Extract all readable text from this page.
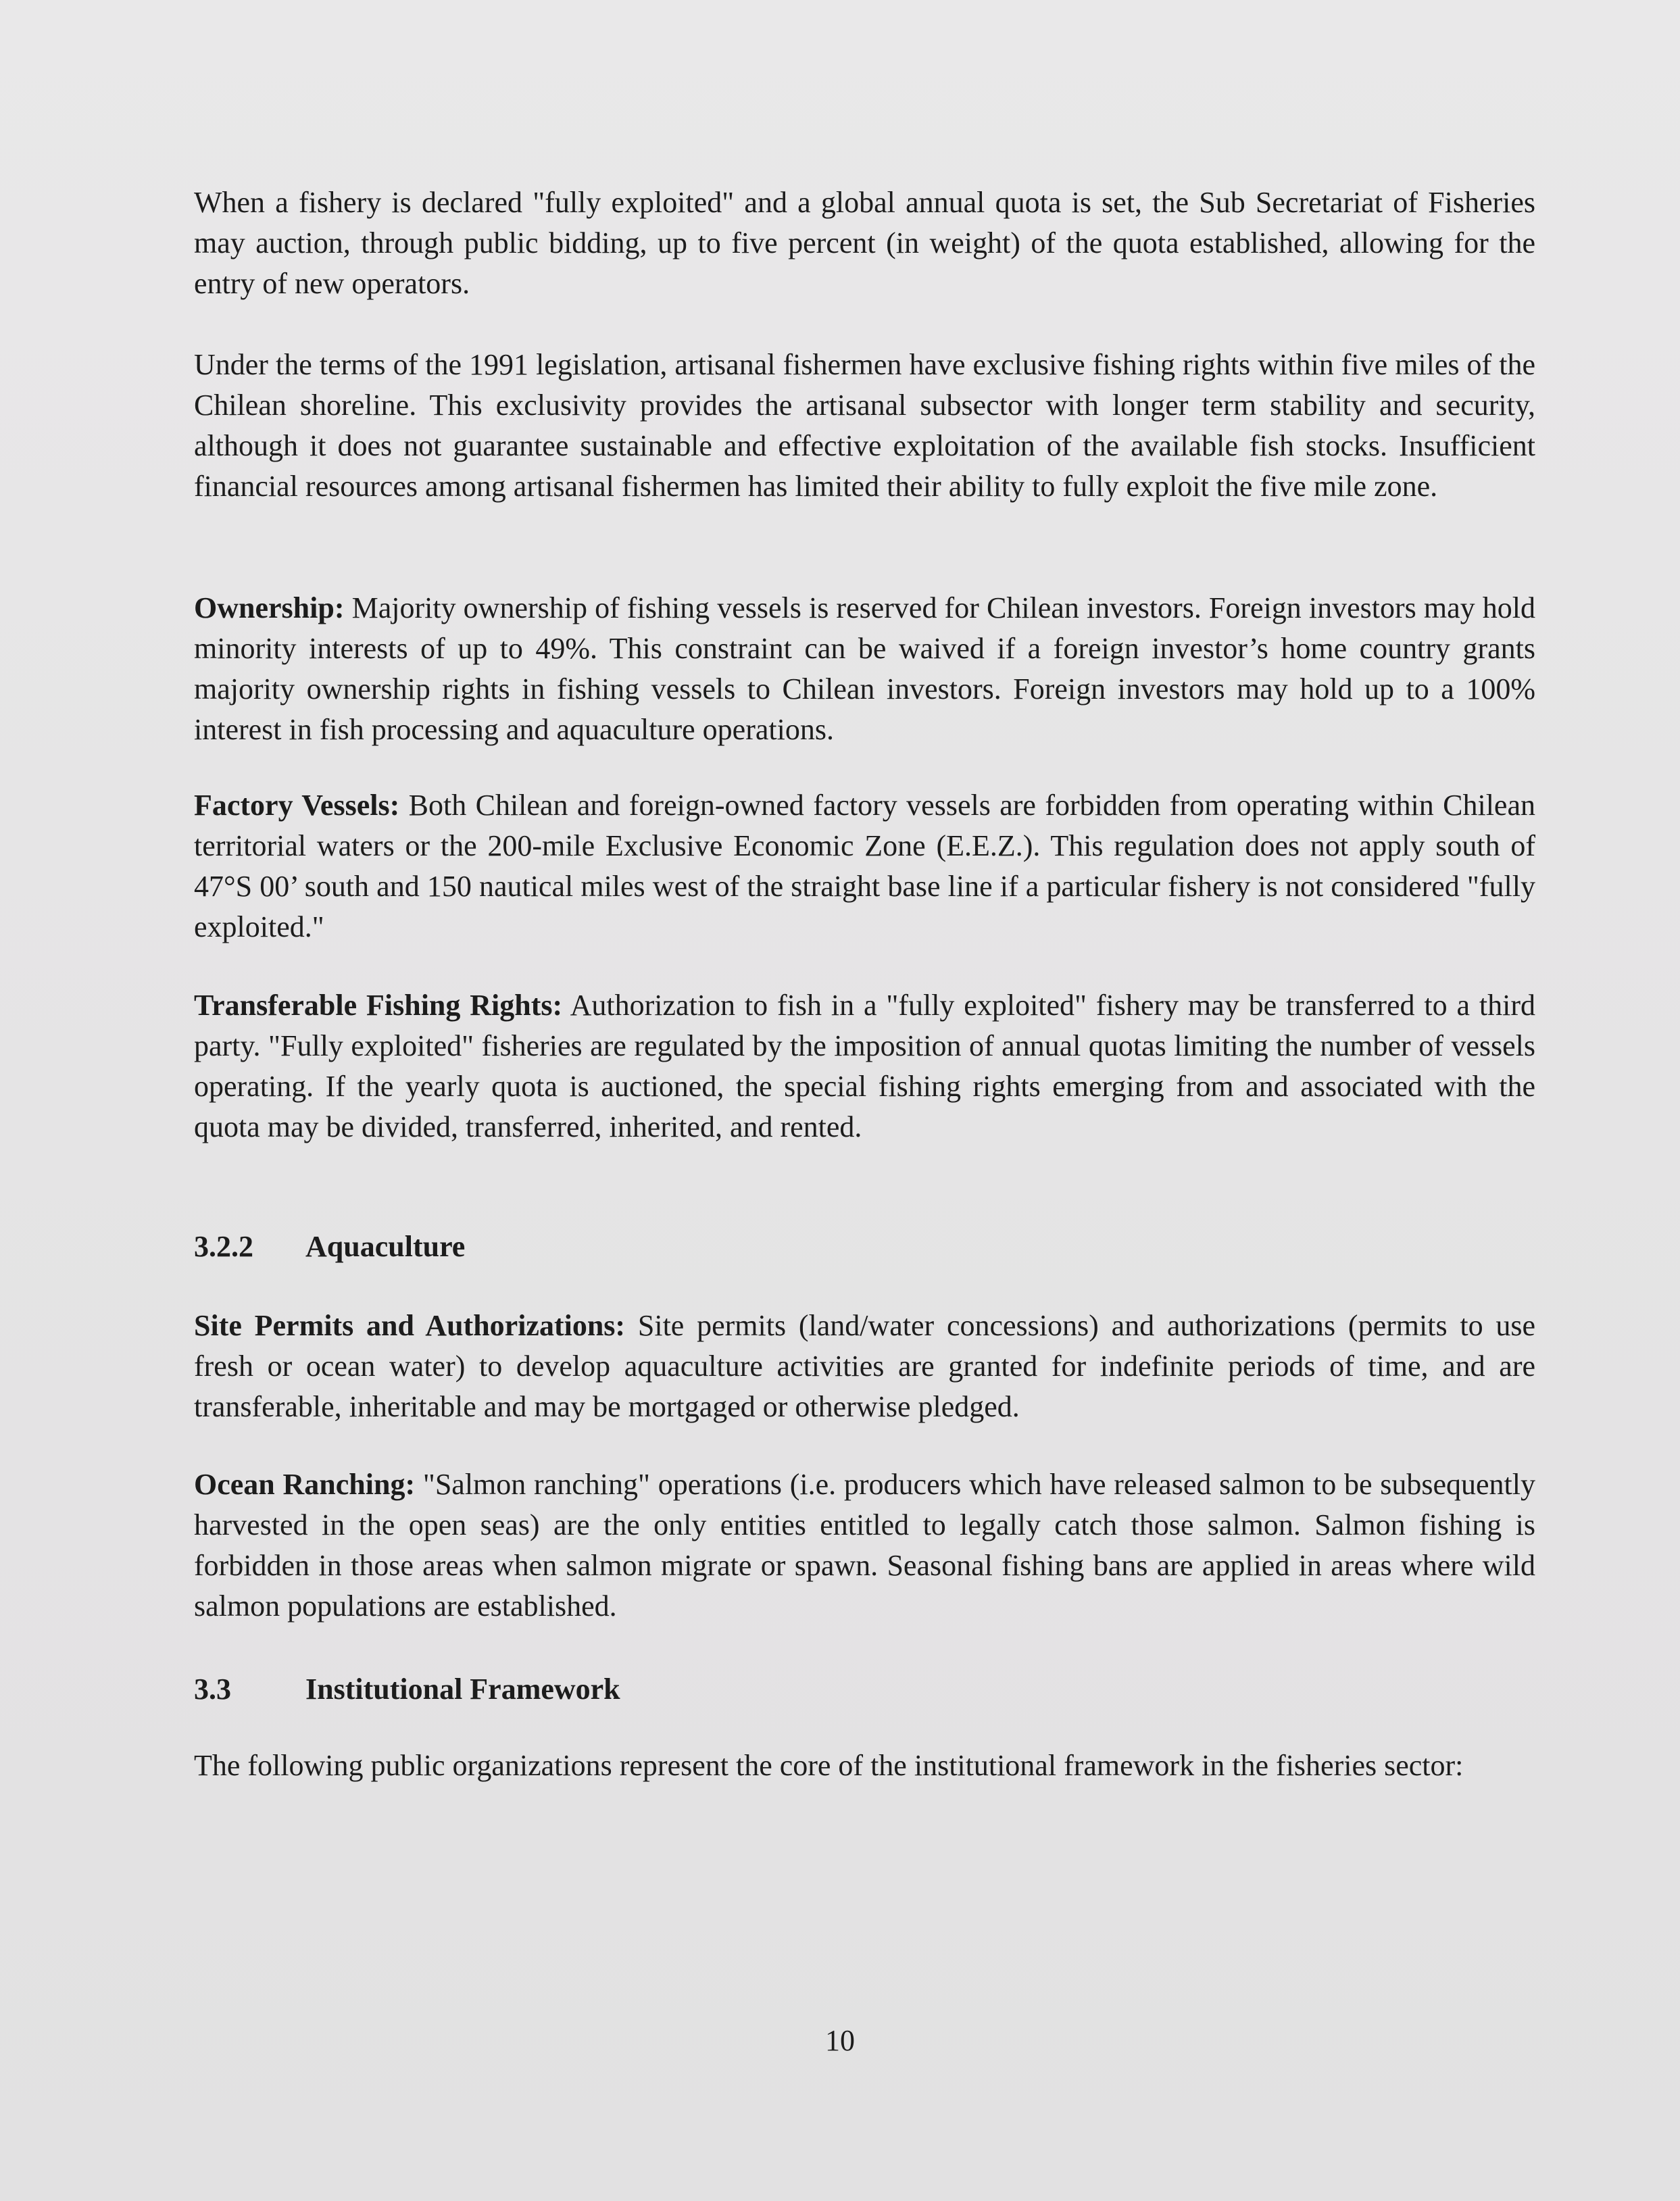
When a fishery is declared "fully exploited" and a global annual quota is set, the Sub Secretariat of Fisheries may auction, through public bidding, up to five percent (in weight) of the quota established, allowing for the entry of new operators.

Under the terms of the 1991 legislation, artisanal fishermen have exclusive fishing rights within five miles of the Chilean shoreline. This exclusivity provides the artisanal subsector with longer term stability and security, although it does not guarantee sustainable and effective exploitation of the available fish stocks. Insufficient financial resources among artisanal fishermen has limited their ability to fully exploit the five mile zone.

Ownership: Majority ownership of fishing vessels is reserved for Chilean investors. Foreign investors may hold minority interests of up to 49%. This constraint can be waived if a foreign investor’s home country grants majority ownership rights in fishing vessels to Chilean investors. Foreign investors may hold up to a 100% interest in fish processing and aquaculture operations.

Factory Vessels: Both Chilean and foreign-owned factory vessels are forbidden from operating within Chilean territorial waters or the 200-mile Exclusive Economic Zone (E.E.Z.). This regulation does not apply south of 47°S 00’ south and 150 nautical miles west of the straight base line if a particular fishery is not considered "fully exploited."

Transferable Fishing Rights: Authorization to fish in a "fully exploited" fishery may be transferred to a third party. "Fully exploited" fisheries are regulated by the imposition of annual quotas limiting the number of vessels operating. If the yearly quota is auctioned, the special fishing rights emerging from and associated with the quota may be divided, transferred, inherited, and rented.

3.2.2 Aquaculture

Site Permits and Authorizations: Site permits (land/water concessions) and authorizations (permits to use fresh or ocean water) to develop aquaculture activities are granted for indefinite periods of time, and are transferable, inheritable and may be mortgaged or otherwise pledged.

Ocean Ranching: "Salmon ranching" operations (i.e. producers which have released salmon to be subsequently harvested in the open seas) are the only entities entitled to legally catch those salmon. Salmon fishing is forbidden in those areas when salmon migrate or spawn. Seasonal fishing bans are applied in areas where wild salmon populations are established.

3.3	Institutional Framework

The following public organizations represent the core of the institutional framework in the fisheries sector:

10
